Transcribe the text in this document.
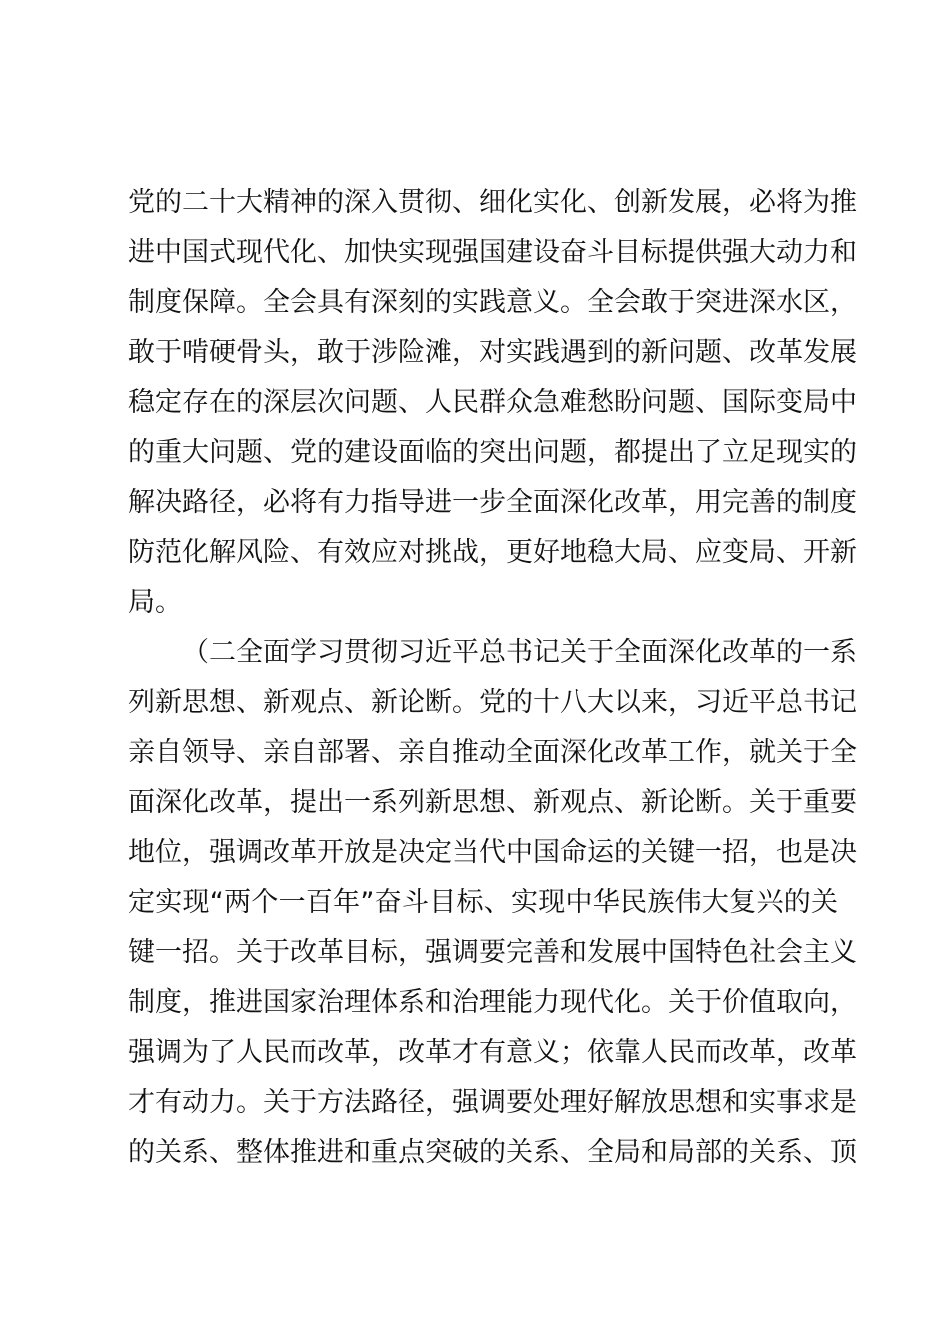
党的二十大精神的深入贯彻、细化实化、创新发展，必将为推
进中国式现代化、加快实现强国建设奋斗目标提供强大动力和
制度保障。全会具有深刻的实践意义。全会敢于突进深水区，
敢于啃硬骨头，敢于涉险滩，对实践遇到的新问题、改革发展
稳定存在的深层次问题、人民群众急难愁盼问题、国际变局中
的重大问题、党的建设面临的突出问题，都提出了立足现实的
解决路径，必将有力指导进一步全面深化改革，用完善的制度
防范化解风险、有效应对挑战，更好地稳大局、应变局、开新
局。
（二全面学习贯彻习近平总书记关于全面深化改革的一系
列新思想、新观点、新论断。党的十八大以来，习近平总书记
亲自领导、亲自部署、亲自推动全面深化改革工作，就关于全
面深化改革，提出一系列新思想、新观点、新论断。关于重要
地位，强调改革开放是决定当代中国命运的关键一招，也是决
定实现“两个一百年”奋斗目标、实现中华民族伟大复兴的关
键一招。关于改革目标，强调要完善和发展中国特色社会主义
制度，推进国家治理体系和治理能力现代化。关于价值取向，
强调为了人民而改革，改革才有意义；依靠人民而改革，改革
才有动力。关于方法路径，强调要处理好解放思想和实事求是
的关系、整体推进和重点突破的关系、全局和局部的关系、顶
